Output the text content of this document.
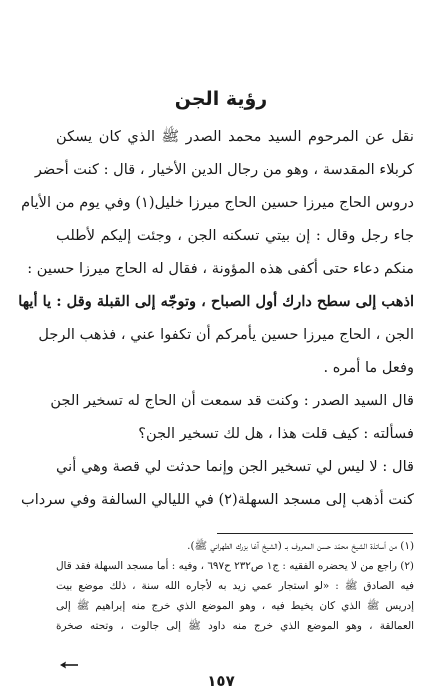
رؤية الجن
نقل عن المرحوم السيد محمد الصدر ﷺ الذي كان يسكن
كربلاء المقدسة ، وهو من رجال الدين الأخيار ، قال : كنت أحضر
دروس الحاج ميرزا حسين الحاج ميرزا خليل(١) وفي يوم من الأيام
جاء رجل وقال : إن بيتي تسكنه الجن ، وجئت إليكم لأطلب
منكم دعاء حتى أكفى هذه المؤونة ، فقال له الحاج ميرزا حسين :
اذهب إلى سطح دارك أول الصباح ، وتوجّه إلى القبلة وقل : يا أيها
الجن ، الحاج ميرزا حسين يأمركم أن تكفوا عني ، فذهب الرجل
وفعل ما أمره .
قال السيد الصدر : وكنت قد سمعت أن الحاج له تسخير الجن
فسألته : كيف قلت هذا ، هل لك تسخير الجن؟
قال : لا ليس لي تسخير الجن وإنما حدثت لي قصة وهي أني
كنت أذهب إلى مسجد السهلة(٢) في الليالي السالفة وفي سرداب
(١) من أساتذة الشيخ محمّد حسن المعروف بـ (الشيخ آغا بزرك الطهراني ﷺ).
(٢) راجع من لا يحضره الفقيه : ج١ ص٢٣٢ ح٦٩٧ ، وفيه : أما مسجد السهلة فقد قال
فيه الصادق ﷺ : «لو استجار عمي زيد به لأجاره الله سنة ، ذلك موضع بيت
إدريس ﷺ الذي كان يخيط فيه ، وهو الموضع الذي خرج منه إبراهيم ﷺ إلى
العمالقة ، وهو الموضع الذي خرج منه داود ﷺ إلى جالوت ، وتحته صخرة
١٥٧
